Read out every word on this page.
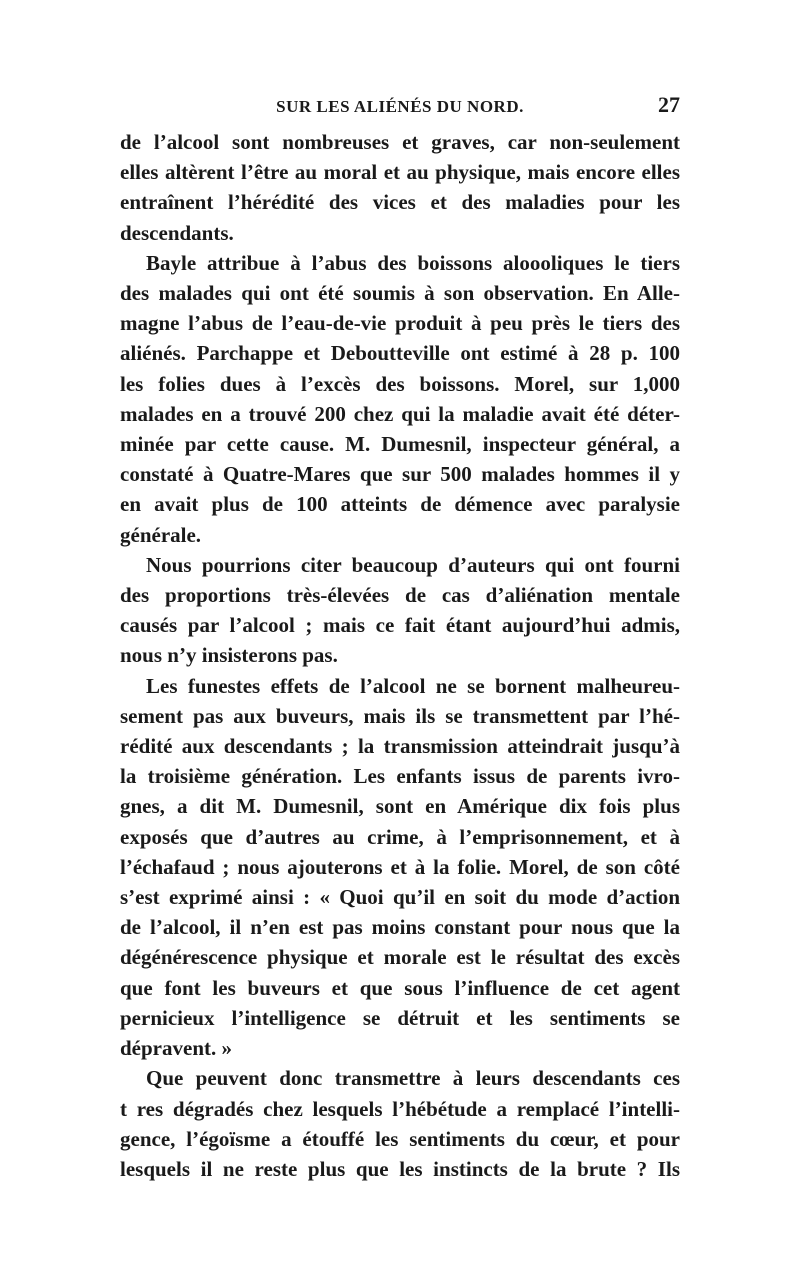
SUR LES ALIÉNÉS DU NORD.	27
de l’alcool sont nombreuses et graves, car non-seulement
elles altèrent l’être au moral et au physique, mais encore elles
entraînent l’hérédité des vices et des maladies pour les
descendants.
Bayle attribue à l’abus des boissons aloooliques le tiers
des malades qui ont été soumis à son observation. En Alle-
magne l’abus de l’eau-de-vie produit à peu près le tiers des
aliénés. Parchappe et Deboutteville ont estimé à 28 p. 100
les folies dues à l’excès des boissons. Morel, sur 1,000
malades en a trouvé 200 chez qui la maladie avait été déter-
minée par cette cause. M. Dumesnil, inspecteur général, a
constaté à Quatre-Mares que sur 500 malades hommes il y
en avait plus de 100 atteints de démence avec paralysie
générale.
Nous pourrions citer beaucoup d’auteurs qui ont fourni
des proportions très-élevées de cas d’aliénation mentale
causés par l’alcool ; mais ce fait étant aujourd’hui admis,
nous n’y insisterons pas.
Les funestes effets de l’alcool ne se bornent malheureu-
sement pas aux buveurs, mais ils se transmettent par l’hé-
rédité aux descendants ; la transmission atteindrait jusqu’à
la troisième génération. Les enfants issus de parents ivro-
gnes, a dit M. Dumesnil, sont en Amérique dix fois plus
exposés que d’autres au crime, à l’emprisonnement, et à
l’échafaud ; nous ajouterons et à la folie. Morel, de son côté
s’est exprimé ainsi : « Quoi qu’il en soit du mode d’action
de l’alcool, il n’en est pas moins constant pour nous que la
dégénérescence physique et morale est le résultat des excès
que font les buveurs et que sous l’influence de cet agent
pernicieux l’intelligence se détruit et les sentiments se
dépravent. »
Que peuvent donc transmettre à leurs descendants ces
t res dégradés chez lesquels l’hébétude a remplacé l’intelli-
gence, l’égoïsme a étouffé les sentiments du cœur, et pour
lesquels il ne reste plus que les instincts de la brute ? Ils
